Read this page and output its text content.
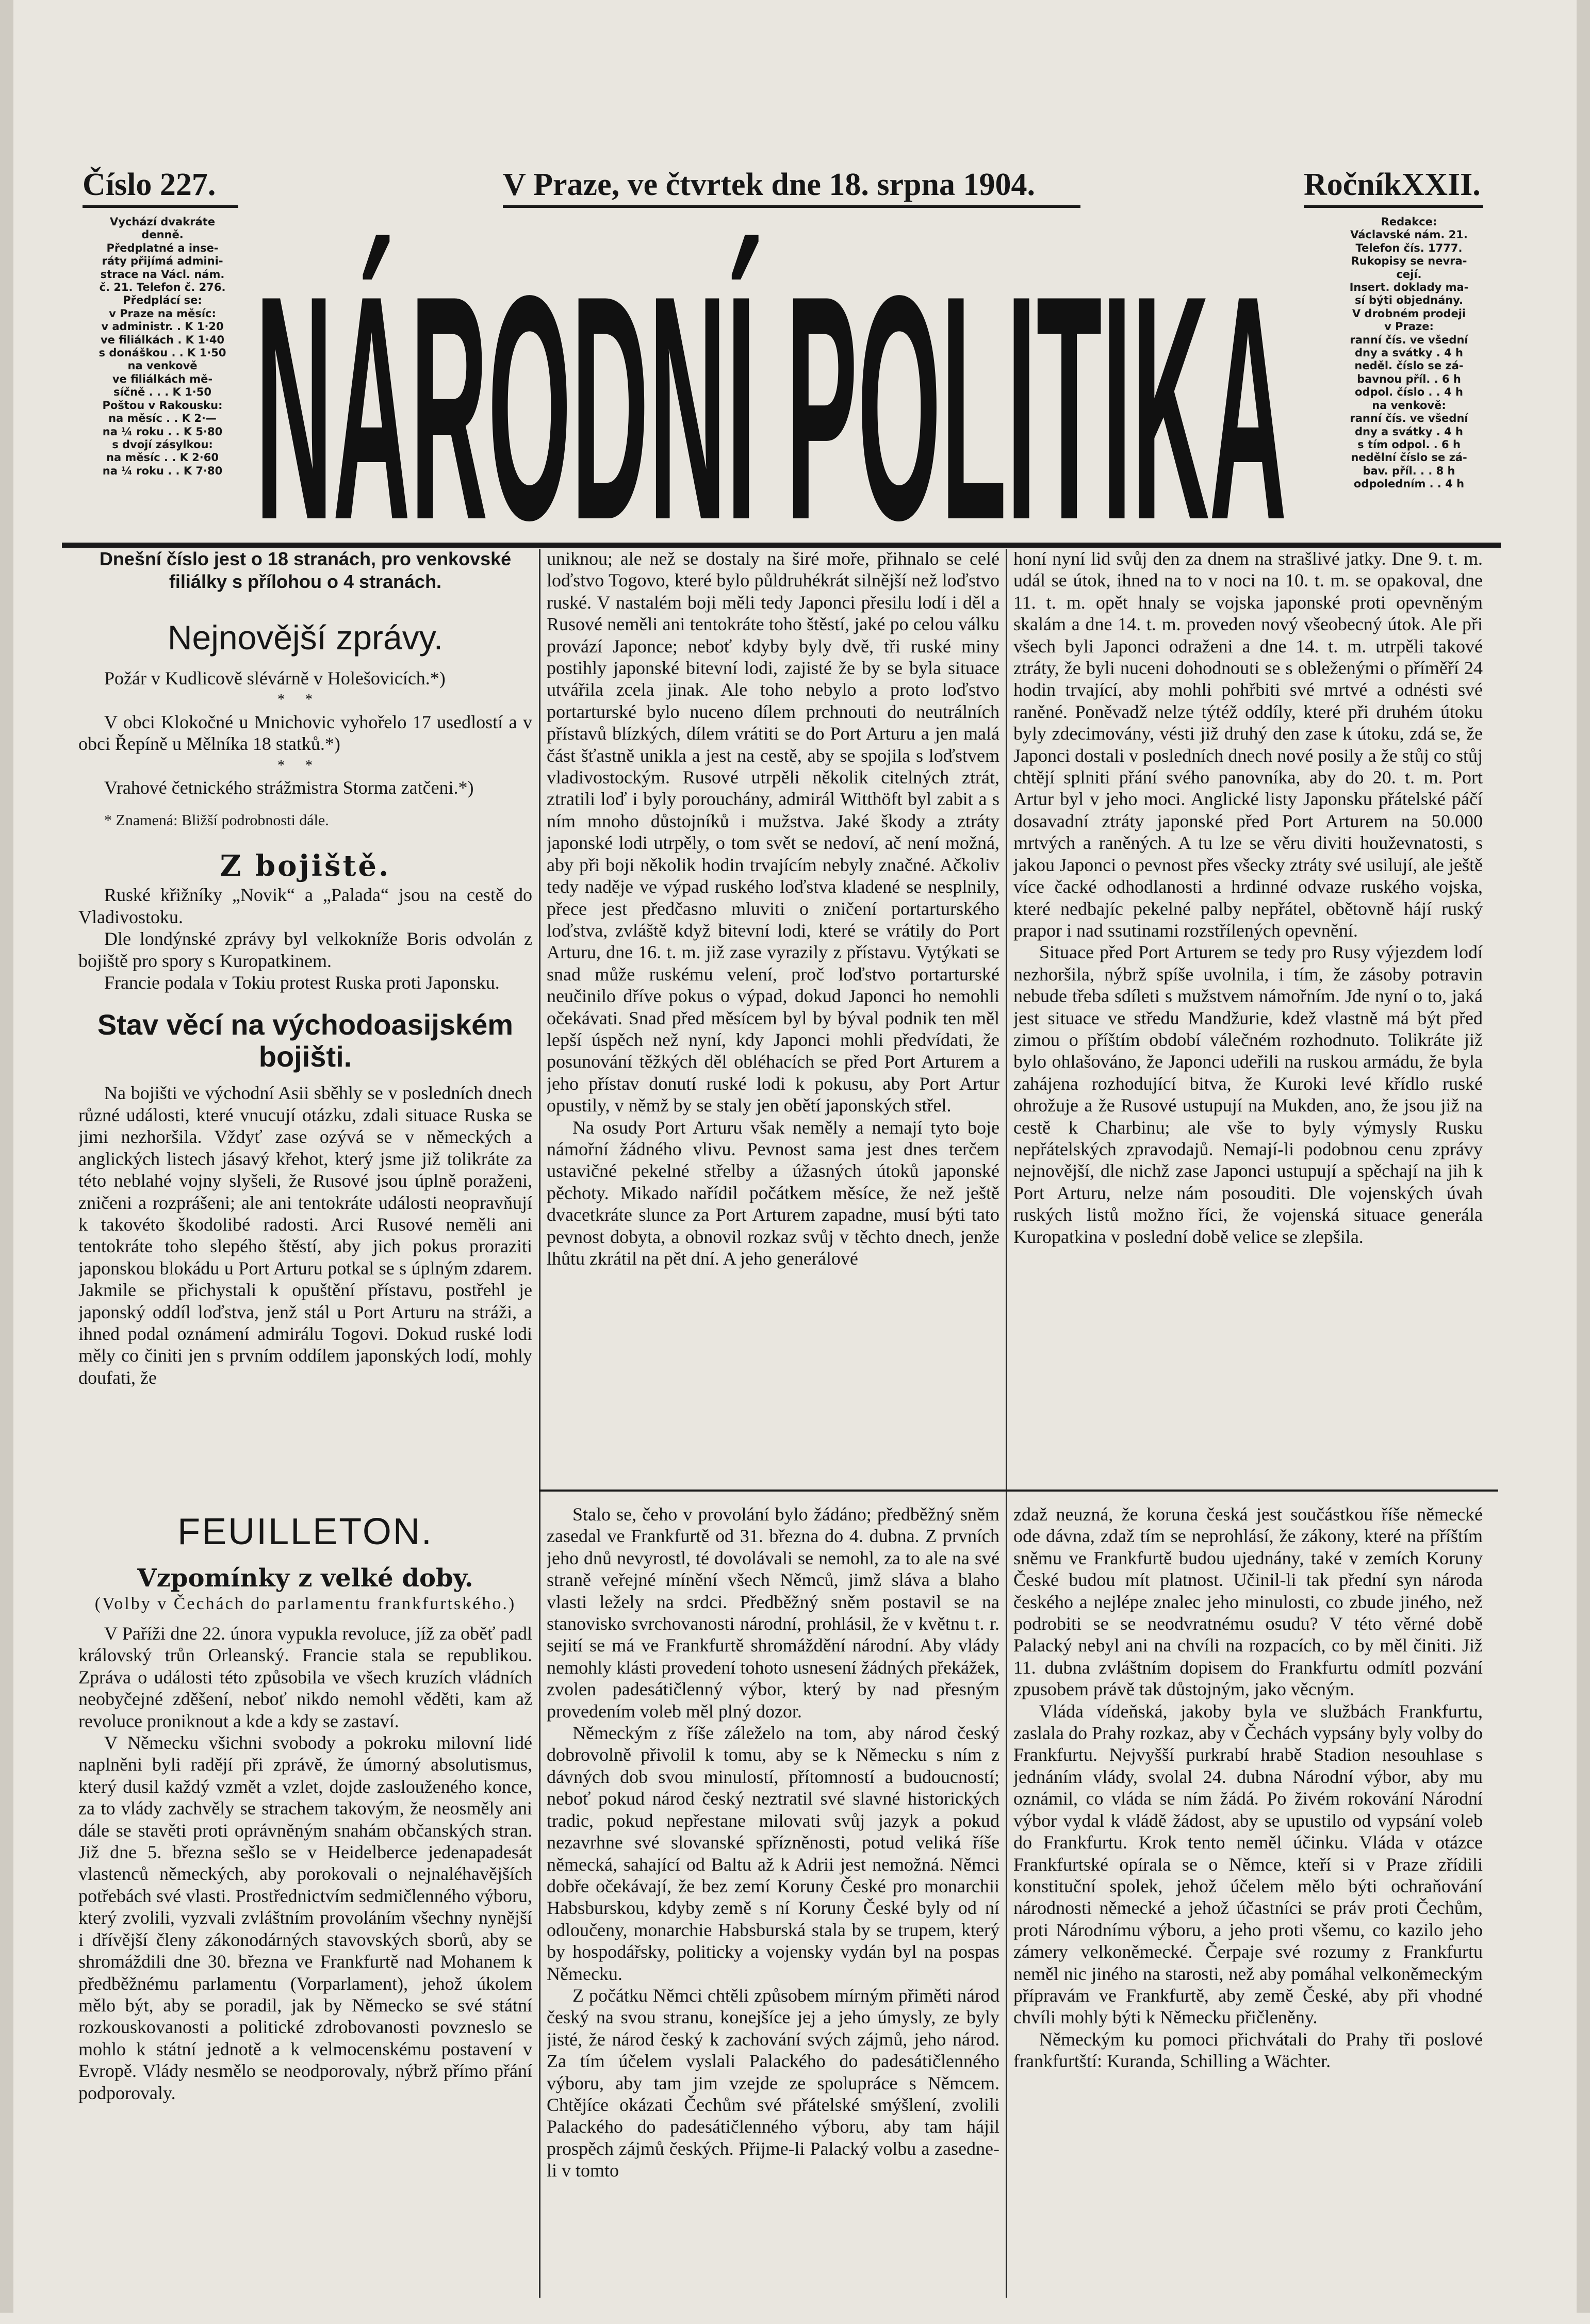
Číslo 227.	V Praze, ve čtvrtek dne 18. srpna 1904.	RočníkXXII.
Vychází dvakráte
denně.
Předplatné a inse-
ráty přijímá admini-
strace na Václ. nám.
č. 21. Telefon č. 276.
Předplácí se:
v Praze na měsíc:
v administr. . K 1·20
ve filiálkách . K 1·40
s donáškou . . K 1·50
na venkově
ve filiálkách mě-
síčně . . . K 1·50
Poštou v Rakousku:
na měsíc . . K 2·—
na ¼ roku . . K 5·80
s dvojí zásylkou:
na měsíc . . K 2·60
na ¼ roku . . K 7·80 NÁRODNÍ POLITIKA
Redakce:
Václavské nám. 21.
Telefon čís. 1777.
Rukopisy se nevra-
cejí.
Insert. doklady ma-
sí býti objednány.
V drobném prodeji
v Praze:
ranní čís. ve všední
dny a svátky . 4 h
neděl. číslo se zá-
bavnou příl. . 6 h
odpol. číslo . . 4 h
na venkově:
ranní čís. ve všední
dny a svátky . 4 h
s tím odpol. . 6 h
nedělní číslo se zá-
bav. příl. . . 8 h
odpoledním . . 4 h

Dnešní číslo jest o 18 stranách, pro venkovské filiálky s přílohou o 4 stranách.

Nejnovější zprávy.

Požár v Kudlicově slévárně v Holešovicích.*)

**

V obci Klokočné u Mnichovic vyhořelo 17 usedlostí a v obci Řepíně u Mělníka 18 statků.*)

**

Vrahové četnického strážmistra Storma zatčeni.*)

* Znamená: Bližší podrobnosti dále.

Z bojiště.

Ruské křižníky „Novik“ a „Palada“ jsou na cestě do Vladivostoku.

Dle londýnské zprávy byl velkokníže Boris odvolán z bojiště pro spory s Kuropatkinem.

Francie podala v Tokiu protest Ruska proti Japonsku.

Stav věcí na východoasijském bojišti.

Na bojišti ve východní Asii sběhly se v posledních dnech různé události, které vnucují otázku, zdali situace Ruska se jimi nezhoršila. Vždyť zase ozývá se v německých a anglických listech jásavý křehot, který jsme již tolikráte za této neblahé vojny slyšeli, že Rusové jsou úplně poraženi, zničeni a rozprášeni; ale ani tentokráte události neopravňují k takovéto škodolibé radosti. Arci Rusové neměli ani tentokráte toho slepého štěstí, aby jich pokus proraziti japonskou blokádu u Port Arturu potkal se s úplným zdarem. Jakmile se přichystali k opuštění přístavu, postřehl je japonský oddíl loďstva, jenž stál u Port Arturu na stráži, a ihned podal oznámení admirálu Togovi. Dokud ruské lodi měly co činiti jen s prvním oddílem japonských lodí, mohly doufati, že

uniknou; ale než se dostaly na širé moře, přihnalo se celé loďstvo Togovo, které bylo půldruhékrát silnější než loďstvo ruské. V nastalém boji měli tedy Japonci přesilu lodí i děl a Rusové neměli ani tentokráte toho štěstí, jaké po celou válku provází Japonce; neboť kdyby byly dvě, tři ruské miny postihly japonské bitevní lodi, zajisté že by se byla situace utvářila zcela jinak. Ale toho nebylo a proto loďstvo portarturské bylo nuceno dílem prchnouti do neutrálních přístavů blízkých, dílem vrátiti se do Port Arturu a jen malá část šťastně unikla a jest na cestě, aby se spojila s loďstvem vladivostockým. Rusové utrpěli několik citelných ztrát, ztratili loď i byly porouchány, admirál Witthöft byl zabit a s ním mnoho důstojníků i mužstva. Jaké škody a ztráty japonské lodi utrpěly, o tom svět se nedoví, ač není možná, aby při boji několik hodin trvajícím nebyly značné. Ačkoliv tedy naděje ve výpad ruského loďstva kladené se nesplnily, přece jest předčasno mluviti o zničení portarturského loďstva, zvláště když bitevní lodi, které se vrátily do Port Arturu, dne 16. t. m. již zase vyrazily z přístavu. Vytýkati se snad může ruskému velení, proč loďstvo portarturské neučinilo dříve pokus o výpad, dokud Japonci ho nemohli očekávati. Snad před měsícem byl by býval podnik ten měl lepší úspěch než nyní, kdy Japonci mohli předvídati, že posunování těžkých děl obléhacích se před Port Arturem a jeho přístav donutí ruské lodi k pokusu, aby Port Artur opustily, v němž by se staly jen obětí japonských střel.

Na osudy Port Arturu však neměly a nemají tyto boje námořní žádného vlivu. Pevnost sama jest dnes terčem ustavičné pekelné střelby a úžasných útoků japonské pěchoty. Mikado nařídil počátkem měsíce, že než ještě dvacetkráte slunce za Port Arturem zapadne, musí býti tato pevnost dobyta, a obnovil rozkaz svůj v těchto dnech, jenže lhůtu zkrátil na pět dní. A jeho generálové

honí nyní lid svůj den za dnem na strašlivé jatky. Dne 9. t. m. udál se útok, ihned na to v noci na 10. t. m. se opakoval, dne 11. t. m. opět hnaly se vojska japonské proti opevněným skalám a dne 14. t. m. proveden nový všeobecný útok. Ale při všech byli Japonci odraženi a dne 14. t. m. utrpěli takové ztráty, že byli nuceni dohodnouti se s obleženými o příměří 24 hodin trvající, aby mohli pohřbiti své mrtvé a odnésti své raněné. Poněvadž nelze týtéž oddíly, které při druhém útoku byly zdecimovány, vésti již druhý den zase k útoku, zdá se, že Japonci dostali v posledních dnech nové posily a že stůj co stůj chtějí splniti přání svého panovníka, aby do 20. t. m. Port Artur byl v jeho moci. Anglické listy Japonsku přátelské páčí dosavadní ztráty japonské před Port Arturem na 50.000 mrtvých a raněných. A tu lze se věru diviti houževnatosti, s jakou Japonci o pevnost přes všecky ztráty své usilují, ale ještě více čacké odhodlanosti a hrdinné odvaze ruského vojska, které nedbajíc pekelné palby nepřátel, obětovně hájí ruský prapor i nad ssutinami rozstřílených opevnění.

Situace před Port Arturem se tedy pro Rusy výjezdem lodí nezhoršila, nýbrž spíše uvolnila, i tím, že zásoby potravin nebude třeba sdíleti s mužstvem námořním. Jde nyní o to, jaká jest situace ve středu Mandžurie, kdež vlastně má být před zimou o příštím období válečném rozhodnuto. Tolikráte již bylo ohlašováno, že Japonci udeřili na ruskou armádu, že byla zahájena rozhodující bitva, že Kuroki levé křídlo ruské ohrožuje a že Rusové ustupují na Mukden, ano, že jsou již na cestě k Charbinu; ale vše to byly výmysly Rusku nepřátelských zpravodajů. Nemají-li podobnou cenu zprávy nejnovější, dle nichž zase Japonci ustupují a spěchají na jih k Port Arturu, nelze nám posouditi. Dle vojenských úvah ruských listů možno říci, že vojenská situace generála Kuropatkina v poslední době velice se zlepšila.

FEUILLETON.
Vzpomínky z velké doby.
(Volby v Čechách do parlamentu frankfurtského.)

V Paříži dne 22. února vypukla revoluce, jíž za oběť padl královský trůn Orleanský. Francie stala se republikou. Zpráva o události této způsobila ve všech kruzích vládních neobyčejné zděšení, neboť nikdo nemohl věděti, kam až revoluce proniknout a kde a kdy se zastaví.

V Německu všichni svobody a pokroku milovní lidé naplněni byli radějí při zprávě, že úmorný absolutismus, který dusil každý vzmět a vzlet, dojde zaslouženého konce, za to vlády zachvěly se strachem takovým, že neosměly ani dále se stavěti proti oprávněným snahám občanských stran. Již dne 5. března sešlo se v Heidelberce jedenapadesát vlastenců německých, aby porokovali o nejnaléhavějších potřebách své vlasti. Prostřednictvím sedmičlenného výboru, který zvolili, vyzvali zvláštním provoláním všechny nynější i dřívější členy zákonodárných stavovských sborů, aby se shromáždili dne 30. března ve Frankfurtě nad Mohanem k předběžnému parlamentu (Vorparlament), jehož úkolem mělo být, aby se poradil, jak by Německo se své státní rozkouskovanosti a politické zdrobovanosti povzneslo se mohlo k státní jednotě a k velmocenskému postavení v Evropě. Vlády nesmělo se neodporovaly, nýbrž přímo přání podporovaly.

Stalo se, čeho v provolání bylo žádáno; předběžný sněm zasedal ve Frankfurtě od 31. března do 4. dubna. Z prvních jeho dnů nevyrostl, té dovolávali se nemohl, za to ale na své straně veřejné mínění všech Němců, jimž sláva a blaho vlasti ležely na srdci. Předběžný sněm postavil se na stanovisko svrchovanosti národní, prohlásil, že v květnu t. r. sejití se má ve Frankfurtě shromáždění národní. Aby vlády nemohly klásti provedení tohoto usnesení žádných překážek, zvolen padesátičlenný výbor, který by nad přesným provedením voleb měl plný dozor.

Německým z říše záleželo na tom, aby národ český dobrovolně přivolil k tomu, aby se k Německu s ním z dávných dob svou minulostí, přítomností a budoucností; neboť pokud národ český neztratil své slavné historických tradic, pokud nepřestane milovati svůj jazyk a pokud nezavrhne své slovanské spřízněnosti, potud veliká říše německá, sahající od Baltu až k Adrii jest nemožná. Němci dobře očekávají, že bez zemí Koruny České pro monarchii Habsburskou, kdyby země s ní Koruny České byly od ní odloučeny, monarchie Habsburská stala by se trupem, který by hospodářsky, politicky a vojensky vydán byl na pospas Německu.

Z počátku Němci chtěli způsobem mírným přiměti národ český na svou stranu, konejšíce jej a jeho úmysly, ze byly jisté, že národ český k zachování svých zájmů, jeho národ. Za tím účelem vyslali Palackého do padesátičlenného výboru, aby tam jim vzejde ze spolupráce s Němcem. Chtějíce okázati Čechům své přátelské smýšlení, zvolili Palackého do padesátičlenného výboru, aby tam hájil prospěch zájmů českých. Přijme-li Palacký volbu a zasedne-li v tomto

zdaž neuzná, že koruna česká jest součástkou říše německé ode dávna, zdaž tím se neprohlásí, že zákony, které na příštím sněmu ve Frankfurtě budou ujednány, také v zemích Koruny České budou mít platnost. Učinil-li tak přední syn národa českého a nejlépe znalec jeho minulosti, co zbude jiného, než podrobiti se se neodvratnému osudu? V této věrné době Palacký nebyl ani na chvíli na rozpacích, co by měl činiti. Již 11. dubna zvláštním dopisem do Frankfurtu odmítl pozvání zpusobem právě tak důstojným, jako věcným.

Vláda vídeňská, jakoby byla ve službách Frankfurtu, zaslala do Prahy rozkaz, aby v Čechách vypsány byly volby do Frankfurtu. Nejvyšší purkrabí hrabě Stadion nesouhlase s jednáním vlády, svolal 24. dubna Národní výbor, aby mu oznámil, co vláda se ním žádá. Po živém rokování Národní výbor vydal k vládě žádost, aby se upustilo od vypsání voleb do Frankfurtu. Krok tento neměl účinku. Vláda v otázce Frankfurtské opírala se o Němce, kteří si v Praze zřídili konstituční spolek, jehož účelem mělo býti ochraňování národnosti německé a jehož účastníci se práv proti Čechům, proti Národnímu výboru, a jeho proti všemu, co kazilo jeho zámery velkoněmecké. Čerpaje své rozumy z Frankfurtu neměl nic jiného na starosti, než aby pomáhal velkoněmeckým přípravám ve Frankfurtě, aby země České, aby při vhodné chvíli mohly býti k Německu přičleněny.

Německým ku pomoci přichvátali do Prahy tři poslové frankfurtští: Kuranda, Schilling a Wächter.
